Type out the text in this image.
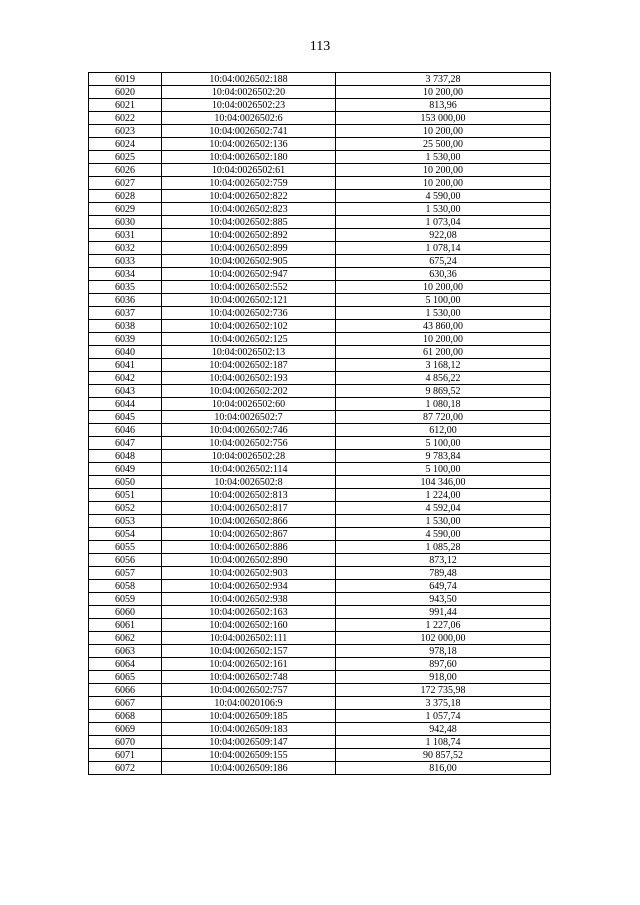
113
6019	10:04:0026502:188	3 737,28
6020	10:04:0026502:20	10 200,00
6021	10:04:0026502:23	813,96
6022	10:04:0026502:6	153 000,00
6023	10:04:0026502:741	10 200,00
6024	10:04:0026502:136	25 500,00
6025	10:04:0026502:180	1 530,00
6026	10:04:0026502:61	10 200,00
6027	10:04:0026502:759	10 200,00
6028	10:04:0026502:822	4 590,00
6029	10:04:0026502:823	1 530,00
6030	10:04:0026502:885	1 073,04
6031	10:04:0026502:892	922,08
6032	10:04:0026502:899	1 078,14
6033	10:04:0026502:905	675,24
6034	10:04:0026502:947	630,36
6035	10:04:0026502:552	10 200,00
6036	10:04:0026502:121	5 100,00
6037	10:04:0026502:736	1 530,00
6038	10:04:0026502:102	43 860,00
6039	10:04:0026502:125	10 200,00
6040	10:04:0026502:13	61 200,00
6041	10:04:0026502:187	3 168,12
6042	10:04:0026502:193	4 856,22
6043	10:04:0026502:202	9 869,52
6044	10:04:0026502:60	1 080,18
6045	10:04:0026502:7	87 720,00
6046	10:04:0026502:746	612,00
6047	10:04:0026502:756	5 100,00
6048	10:04:0026502:28	9 783,84
6049	10:04:0026502:114	5 100,00
6050	10:04:0026502:8	104 346,00
6051	10:04:0026502:813	1 224,00
6052	10:04:0026502:817	4 592,04
6053	10:04:0026502:866	1 530,00
6054	10:04:0026502:867	4 590,00
6055	10:04:0026502:886	1 085,28
6056	10:04:0026502:890	873,12
6057	10:04:0026502:903	789,48
6058	10:04:0026502:934	649,74
6059	10:04:0026502:938	943,50
6060	10:04:0026502:163	991,44
6061	10:04:0026502:160	1 227,06
6062	10:04:0026502:111	102 000,00
6063	10:04:0026502:157	978,18
6064	10:04:0026502:161	897,60
6065	10:04:0026502:748	918,00
6066	10:04:0026502:757	172 735,98
6067	10:04:0020106:9	3 375,18
6068	10:04:0026509:185	1 057,74
6069	10:04:0026509:183	942,48
6070	10:04:0026509:147	1 108,74
6071	10:04:0026509:155	90 857,52
6072	10:04:0026509:186	816,00
